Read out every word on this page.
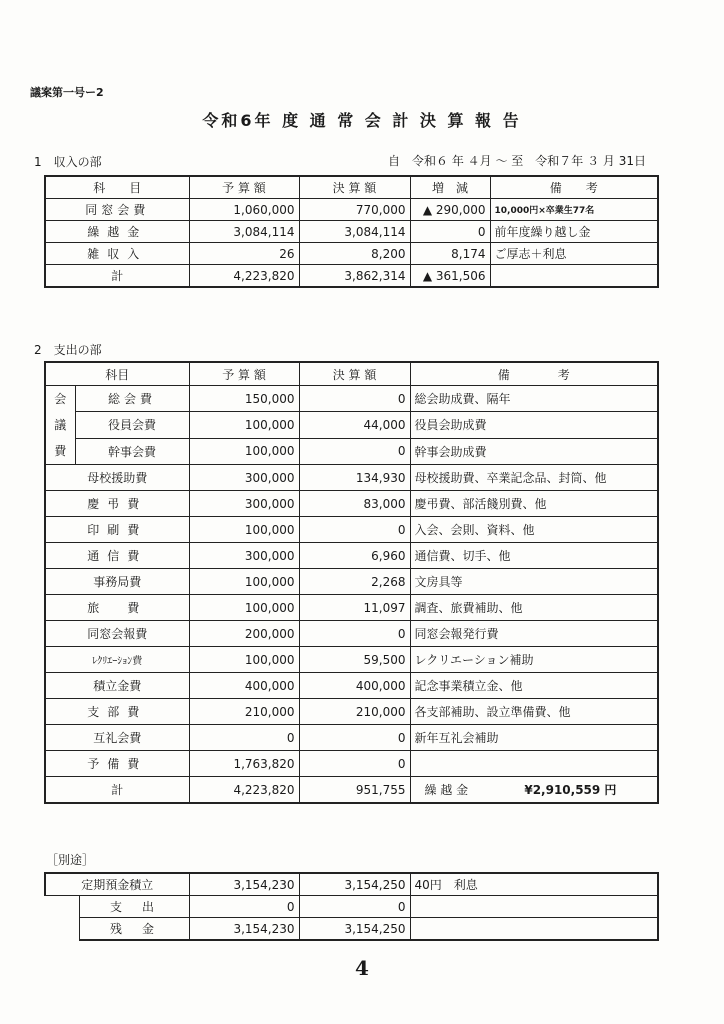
議案第一号ー2
令和6年 度 通 常 会 計 決 算 報 告
1　収入の部	自　令和６ 年 ４月 ～ 至　令和７年 ３ 月 31日
科　　目	予 算 額	決 算 額	増　減	備　　考
同窓会費	1,060,000	770,000	▲ 290,000	10,000円×卒業生77名
繰越金	3,084,114	3,084,114	0	前年度繰り越し金
雑収入	26	8,200	8,174	ご厚志＋利息
計	4,223,820	3,862,314	▲ 361,506	
2　支出の部
科目		予 算 額	決 算 額	備　　　　考

会
議
費	総会費	150,000	0	総会助成費、隔年
	役員会費	100,000	44,000	役員会助成費
	幹事会費	100,000	0	幹事会助成費
母校援助費		300,000	134,930	母校援助費、卒業記念品、封筒、他
慶弔費		300,000	83,000	慶弔費、部活餞別費、他
印刷費		100,000	0	入会、会則、資料、他
通信費		300,000	6,960	通信費、切手、他
事務局費		100,000	2,268	文房具等
旅　費		100,000	11,097	調査、旅費補助、他
同窓会報費		200,000	0	同窓会報発行費
ﾚｸﾘｴｰｼｮﾝ費		100,000	59,500	レクリエーション補助
積立金費		400,000	400,000	記念事業積立金、他
支部費		210,000	210,000	各支部補助、設立準備費、他
互礼会費		0	0	新年互礼会補助
予備費		1,763,820	0	
計		4,223,820	951,755	繰 越 金 ¥2,910,559 円
［別途］
定期預金積立		3,154,230	3,154,250	40円　利息
	支　出	0	0	
	残　金	3,154,230	3,154,250	
4
